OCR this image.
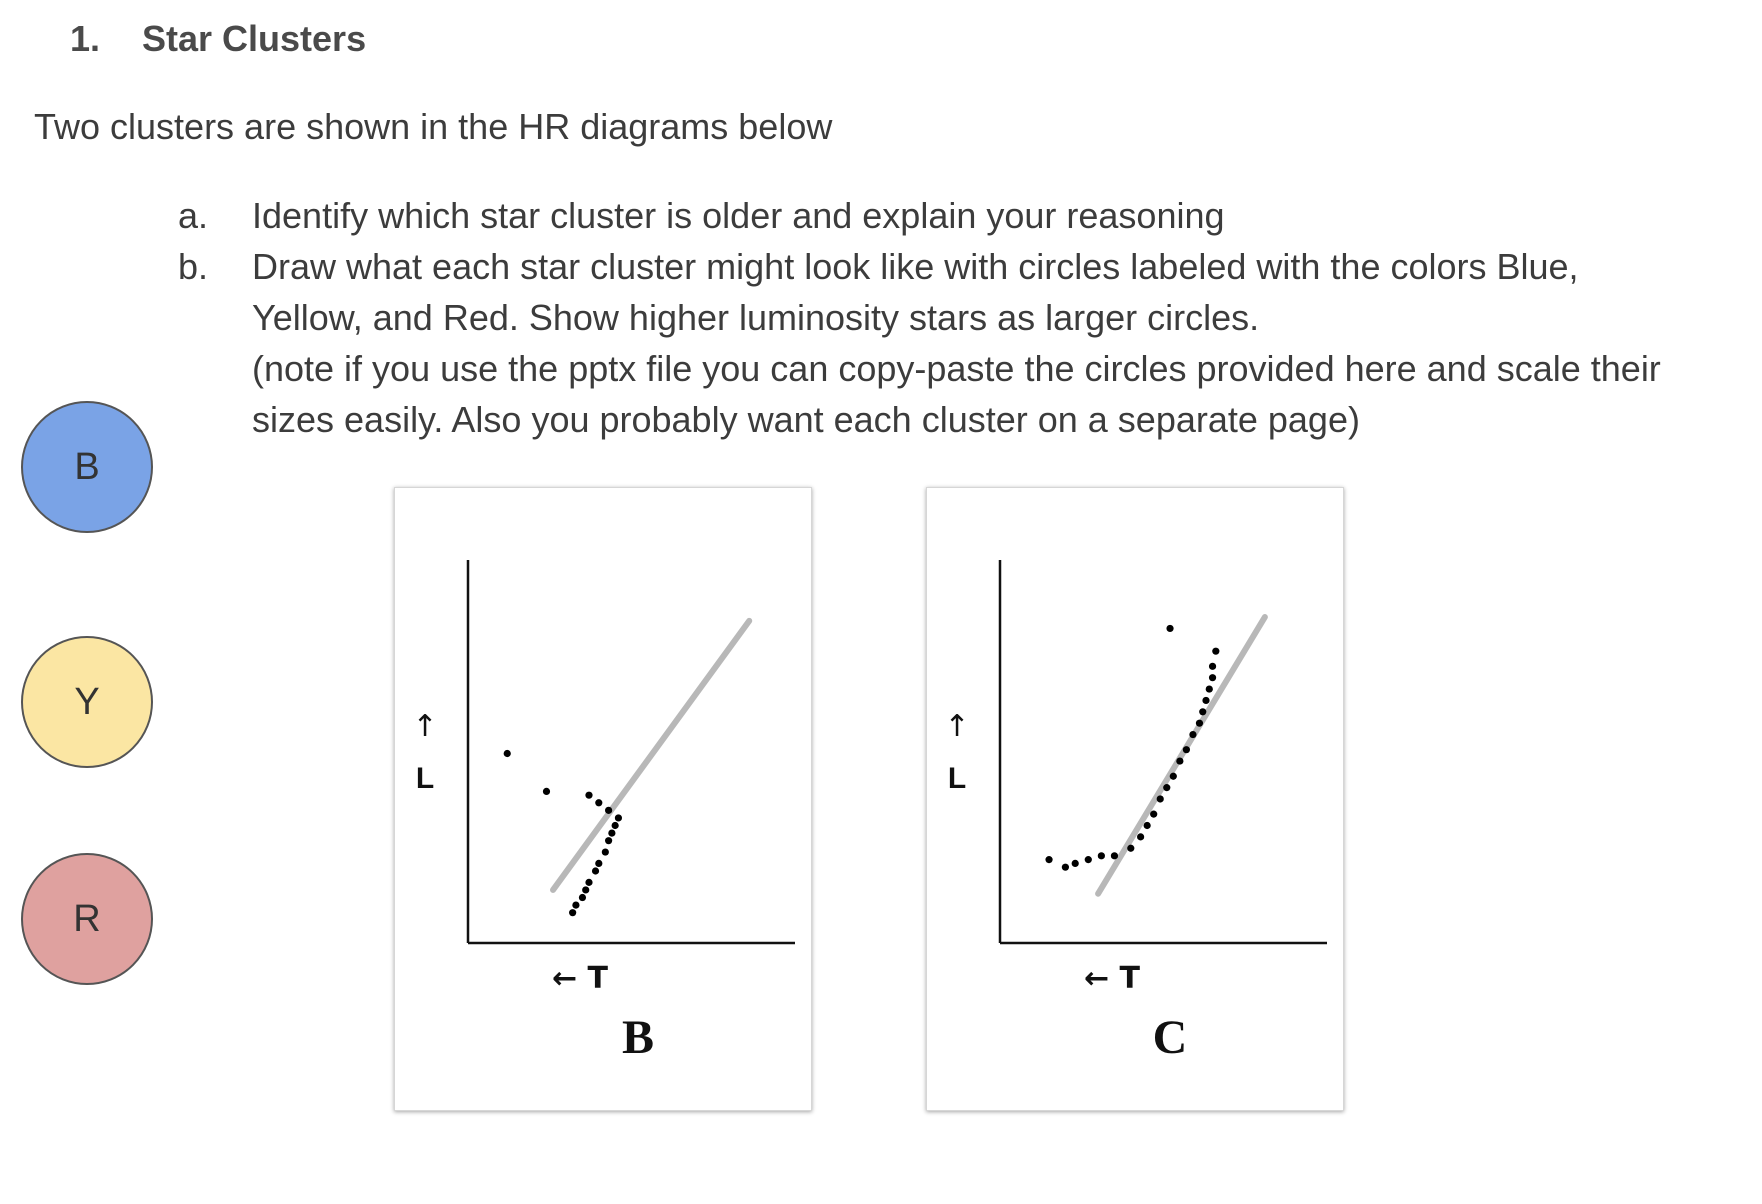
1. Star Clusters
Two clusters are shown in the HR diagrams below
a.	Identify which star cluster is older and explain your reasoning
b.	Draw what each star cluster might look like with circles labeled with the colors Blue,
Yellow, and Red. Show higher luminosity stars as larger circles.
(note if you use the pptx file you can copy-paste the circles provided here and scale their
sizes easily. Also you probably want each cluster on a separate page)
B
Y
R
↑
L
← T
B
↑
L
← T
C
